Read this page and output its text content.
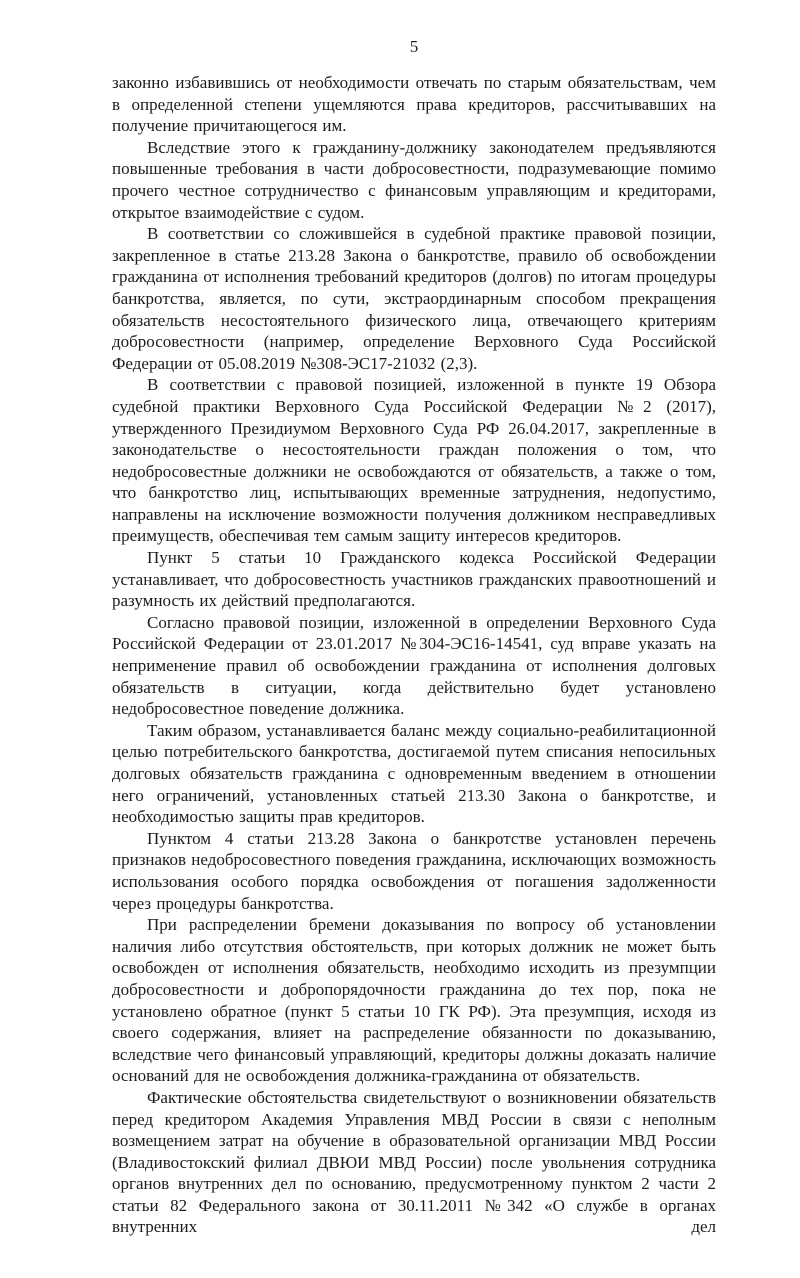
5

законно избавившись от необходимости отвечать по старым обязательствам, чем в определенной степени ущемляются права кредиторов, рассчитывавших на получение причитающегося им.

Вследствие этого к гражданину-должнику законодателем предъявляются повышенные требования в части добросовестности, подразумевающие помимо прочего честное сотрудничество с финансовым управляющим и кредиторами, открытое взаимодействие с судом.

В соответствии со сложившейся в судебной практике правовой позиции, закрепленное в статье 213.28 Закона о банкротстве, правило об освобождении гражданина от исполнения требований кредиторов (долгов) по итогам процедуры банкротства, является, по сути, экстраординарным способом прекращения обязательств несостоятельного физического лица, отвечающего критериям добросовестности (например, определение Верховного Суда Российской Федерации от 05.08.2019 №308-ЭС17-21032 (2,3).

В соответствии с правовой позицией, изложенной в пункте 19 Обзора судебной практики Верховного Суда Российской Федерации №2 (2017), утвержденного Президиумом Верховного Суда РФ 26.04.2017, закрепленные в законодательстве о несостоятельности граждан положения о том, что недобросовестные должники не освобождаются от обязательств, а также о том, что банкротство лиц, испытывающих временные затруднения, недопустимо, направлены на исключение возможности получения должником несправедливых преимуществ, обеспечивая тем самым защиту интересов кредиторов.

Пункт 5 статьи 10 Гражданского кодекса Российской Федерации устанавливает, что добросовестность участников гражданских правоотношений и разумность их действий предполагаются.

Согласно правовой позиции, изложенной в определении Верховного Суда Российской Федерации от 23.01.2017 №304-ЭС16-14541, суд вправе указать на неприменение правил об освобождении гражданина от исполнения долговых обязательств в ситуации, когда действительно будет установлено недобросовестное поведение должника.

Таким образом, устанавливается баланс между социально-реабилитационной целью потребительского банкротства, достигаемой путем списания непосильных долговых обязательств гражданина с одновременным введением в отношении него ограничений, установленных статьей 213.30 Закона о банкротстве, и необходимостью защиты прав кредиторов.

Пунктом 4 статьи 213.28 Закона о банкротстве установлен перечень признаков недобросовестного поведения гражданина, исключающих возможность использования особого порядка освобождения от погашения задолженности через процедуры банкротства.

При распределении бремени доказывания по вопросу об установлении наличия либо отсутствия обстоятельств, при которых должник не может быть освобожден от исполнения обязательств, необходимо исходить из презумпции добросовестности и добропорядочности гражданина до тех пор, пока не установлено обратное (пункт 5 статьи 10 ГК РФ). Эта презумпция, исходя из своего содержания, влияет на распределение обязанности по доказыванию, вследствие чего финансовый управляющий, кредиторы должны доказать наличие оснований для не освобождения должника-гражданина от обязательств.

Фактические обстоятельства свидетельствуют о возникновении обязательств перед кредитором Академия Управления МВД России в связи с неполным возмещением затрат на обучение в образовательной организации МВД России (Владивостокский филиал ДВЮИ МВД России) после увольнения сотрудника органов внутренних дел по основанию, предусмотренному пунктом 2 части 2 статьи 82 Федерального закона от 30.11.2011 №342 «О службе в органах внутренних дел
